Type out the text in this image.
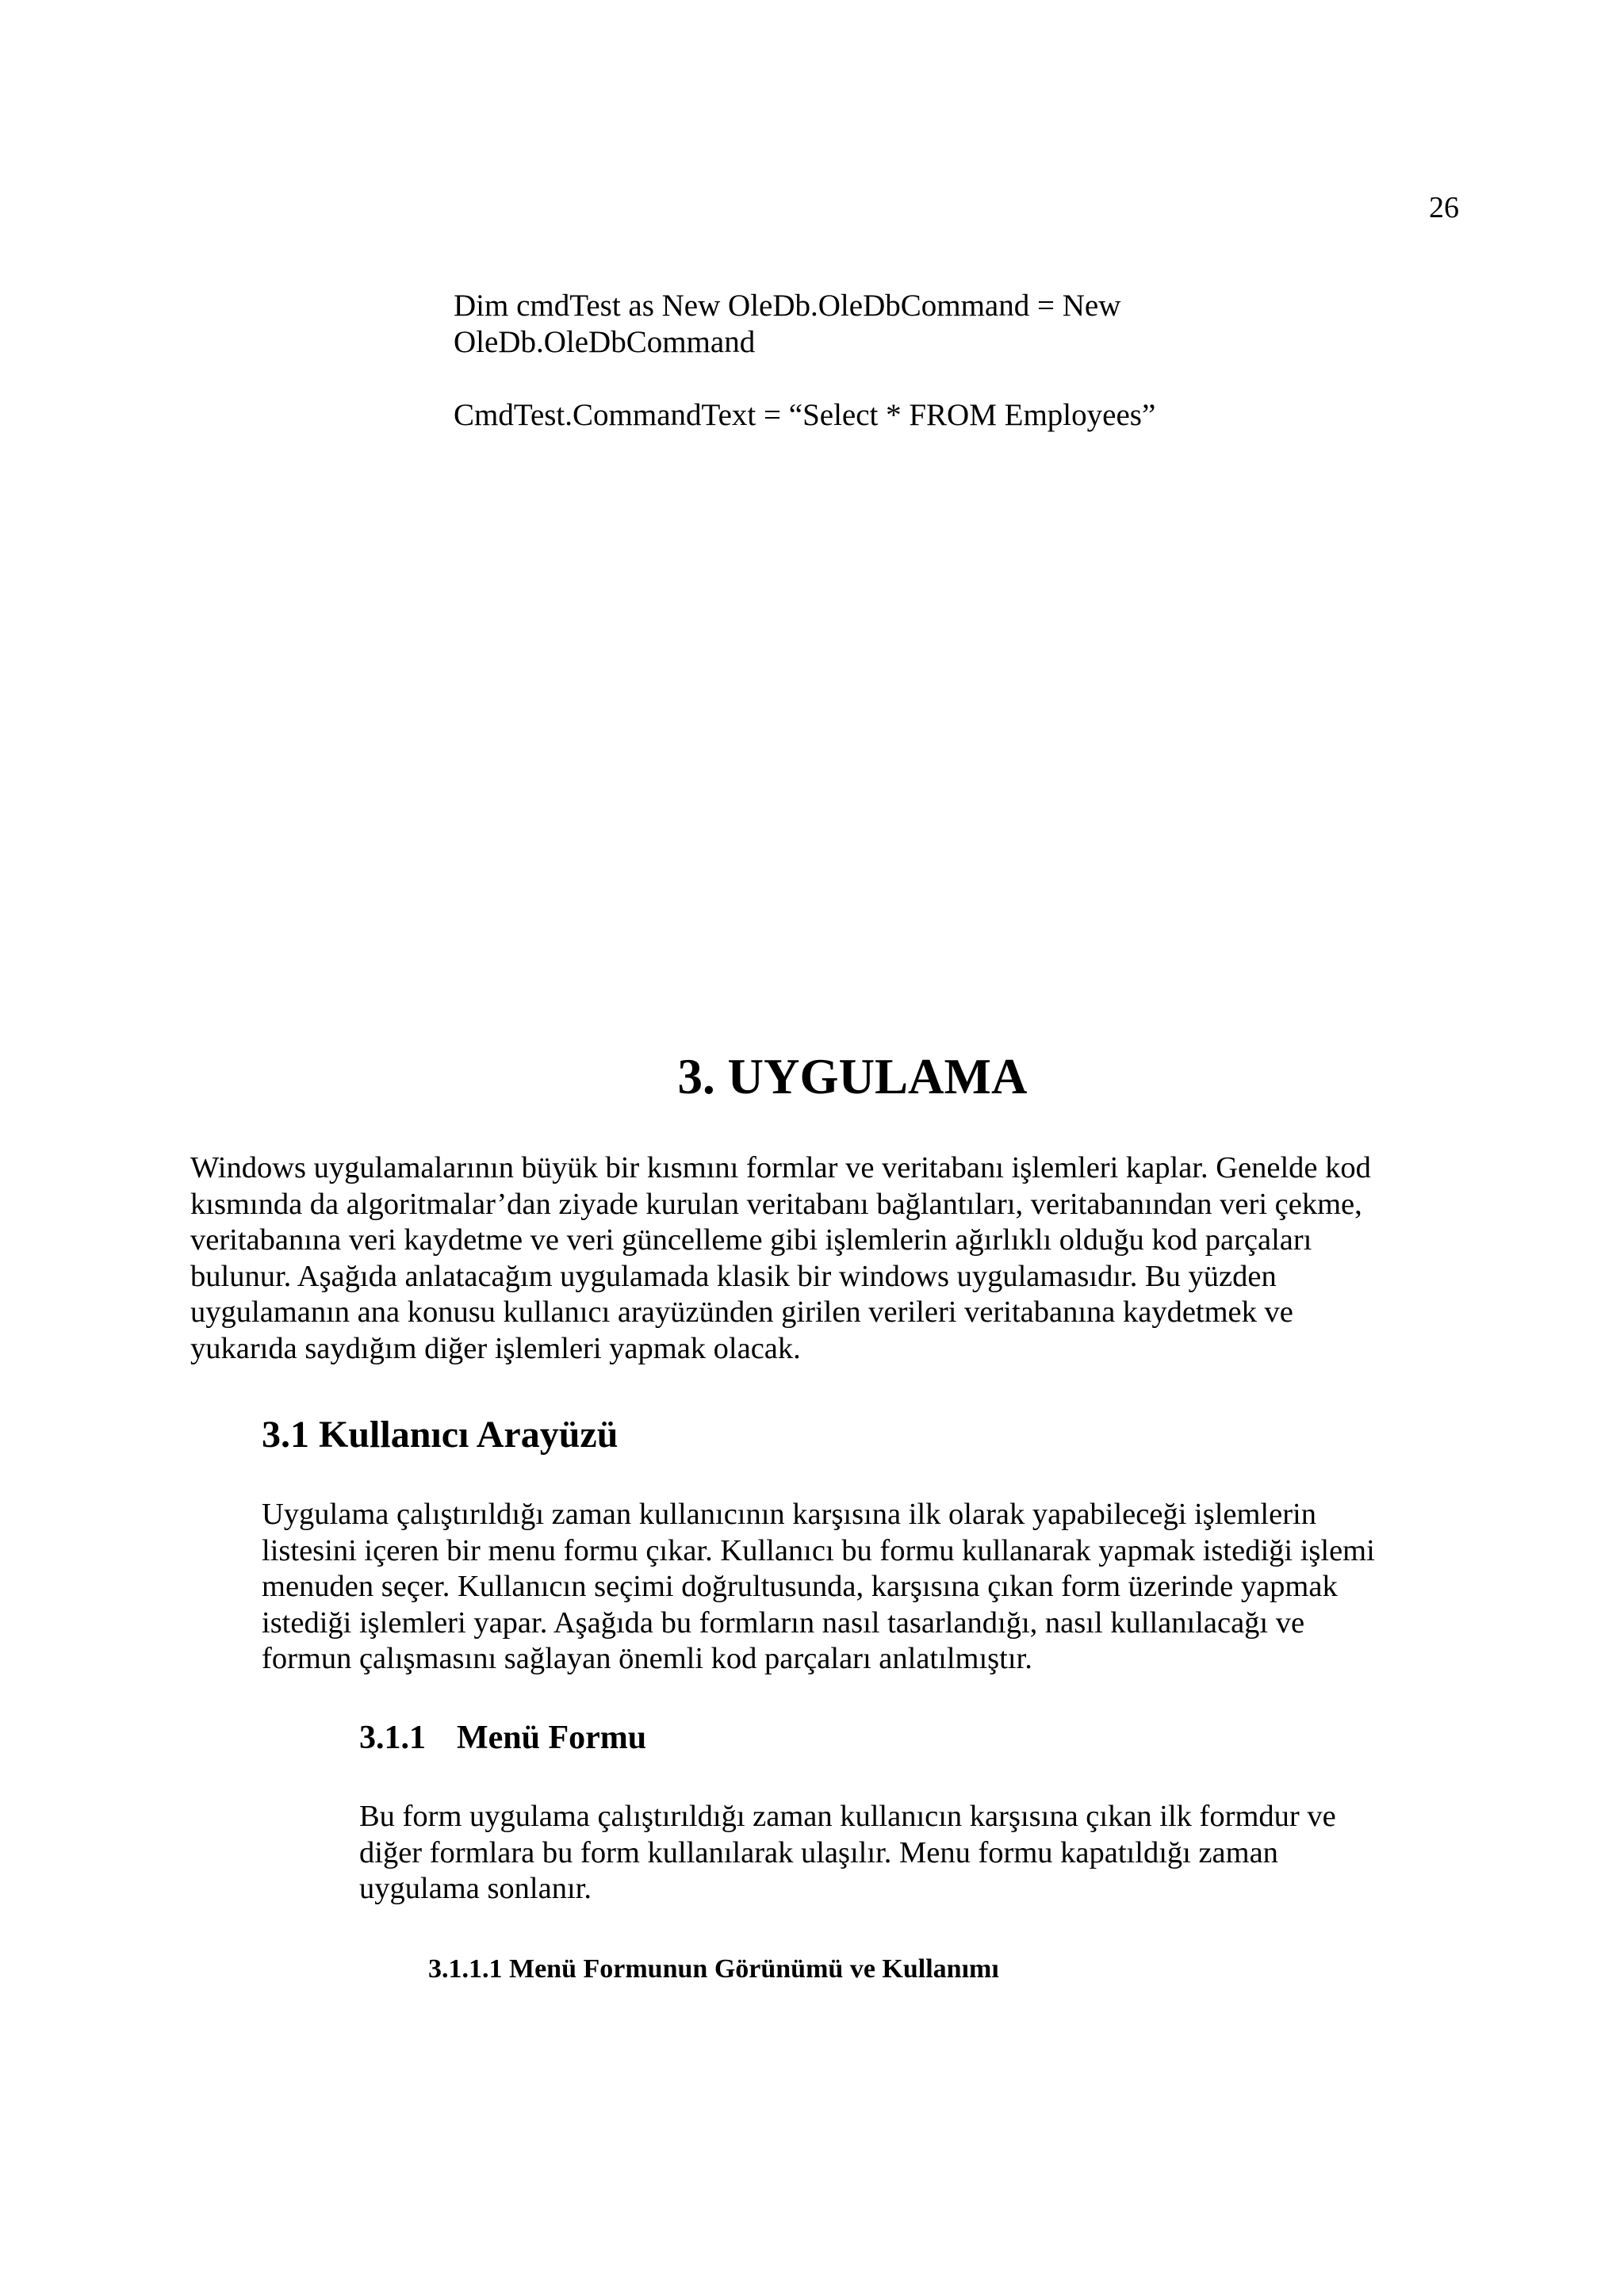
26
Dim cmdTest as New OleDb.OleDbCommand = New
OleDb.OleDbCommand
CmdTest.CommandText = “Select * FROM Employees”
3. UYGULAMA

Windows uygulamalarının büyük bir kısmını formlar ve veritabanı işlemleri kaplar. Genelde kod
kısmında da algoritmalar’dan ziyade kurulan veritabanı bağlantıları, veritabanından veri çekme,
veritabanına veri kaydetme ve veri güncelleme gibi işlemlerin ağırlıklı olduğu kod parçaları
bulunur. Aşağıda anlatacağım uygulamada klasik bir windows uygulamasıdır. Bu yüzden
uygulamanın ana konusu kullanıcı arayüzünden girilen verileri veritabanına kaydetmek ve
yukarıda saydığım diğer işlemleri yapmak olacak.

3.1 Kullanıcı Arayüzü

Uygulama çalıştırıldığı zaman kullanıcının karşısına ilk olarak yapabileceği işlemlerin
listesini içeren bir menu formu çıkar. Kullanıcı bu formu kullanarak yapmak istediği işlemi
menuden seçer. Kullanıcın seçimi doğrultusunda, karşısına çıkan form üzerinde yapmak
istediği işlemleri yapar. Aşağıda bu formların nasıl tasarlandığı, nasıl kullanılacağı ve
formun çalışmasını sağlayan önemli kod parçaları anlatılmıştır.

3.1.1 Menü Formu

Bu form uygulama çalıştırıldığı zaman kullanıcın karşısına çıkan ilk formdur ve
diğer formlara bu form kullanılarak ulaşılır. Menu formu kapatıldığı zaman
uygulama sonlanır.

3.1.1.1 Menü Formunun Görünümü ve Kullanımı
